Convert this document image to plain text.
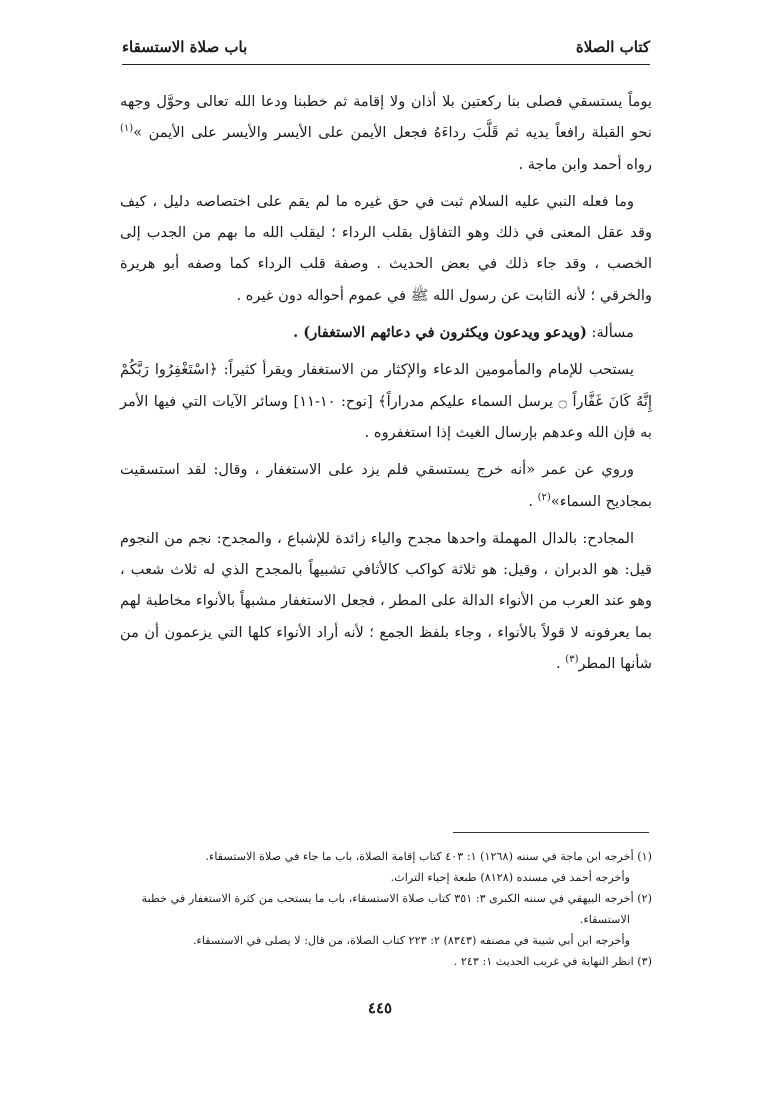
كتاب الصلاة
باب صلاة الاستسقاء

يوماً يستسقي فصلى بنا ركعتين بلا أذان ولا إقامة ثم خطبنا ودعا الله تعالى وحوَّل وجهه نحو القبلة رافعاً يديه ثم قَلَّبَ رداءَهُ فجعل الأيمن على الأيسر والأيسر على الأيمن »$^{(١)}$ رواه أحمد وابن ماجة .

وما فعله النبي عليه السلام ثبت في حق غيره ما لم يقم على اختصاصه دليل ، كيف وقد عقل المعنى في ذلك وهو التفاؤل بقلب الرداء ؛ ليقلب الله ما بهم من الجدب إلى الخصب ، وقد جاء ذلك في بعض الحديث . وصفة قلب الرداء كما وصفه أبو هريرة والخرقي ؛ لأنه الثابت عن رسول الله ﷺ في عموم أحواله دون غيره .

مسألة: (ويدعو ويدعون ويكثرون في دعائهم الاستغفار) .

يستحب للإمام والمأمومين الدعاء والإكثار من الاستغفار ويقرأ كثيراً: ﴿اسْتَغْفِرُوا رَبَّكُمْ إِنَّهُ كَانَ غَفَّاراً ۝ يرسل السماء عليكم مدراراً﴾ [نوح: ١٠-١١] وسائر الآيات التي فيها الأمر به فإن الله وعدهم بإرسال الغيث إذا استغفروه .

وروي عن عمر «أنه خرج يستسقي فلم يزد على الاستغفار ، وقال: لقد استسقيت بمجاديح السماء»$^{(٢)}$ .

المجادح: بالدال المهملة واحدها مجدح والياء زائدة للإشباع ، والمجدح: نجم من النجوم قيل: هو الدبران ، وقيل: هو ثلاثة كواكب كالأثافي تشبيهاً بالمجدح الذي له ثلاث شعب ، وهو عند العرب من الأنواء الدالة على المطر ، فجعل الاستغفار مشبهاً بالأنواء مخاطبة لهم بما يعرفونه لا قولاً بالأنواء ، وجاء بلفظ الجمع ؛ لأنه أراد الأنواء كلها التي يزعمون أن من شأنها المطر$^{(٣)}$ .

(١) أخرجه ابن ماجة في سننه (١٢٦٨) ١: ٤٠٣ كتاب إقامة الصلاة، باب ما جاء في صلاة الاستسقاء.
وأخرجه أحمد في مسنده (٨١٢٨) طبعة إحياء التراث.
(٢) أخرجه البيهقي في سننه الكبرى ٣: ٣٥١ كتاب صلاة الاستسقاء، باب ما يستحب من كثرة الاستغفار في خطبة الاستسقاء.
وأخرجه ابن أبي شيبة في مصنفه (٨٣٤٣) ٢: ٢٢٣ كتاب الصلاة، من قال: لا يصلى في الاستسقاء.
(٣) انظر النهاية في غريب الحديث ١: ٢٤٣ .
٤٤٥
